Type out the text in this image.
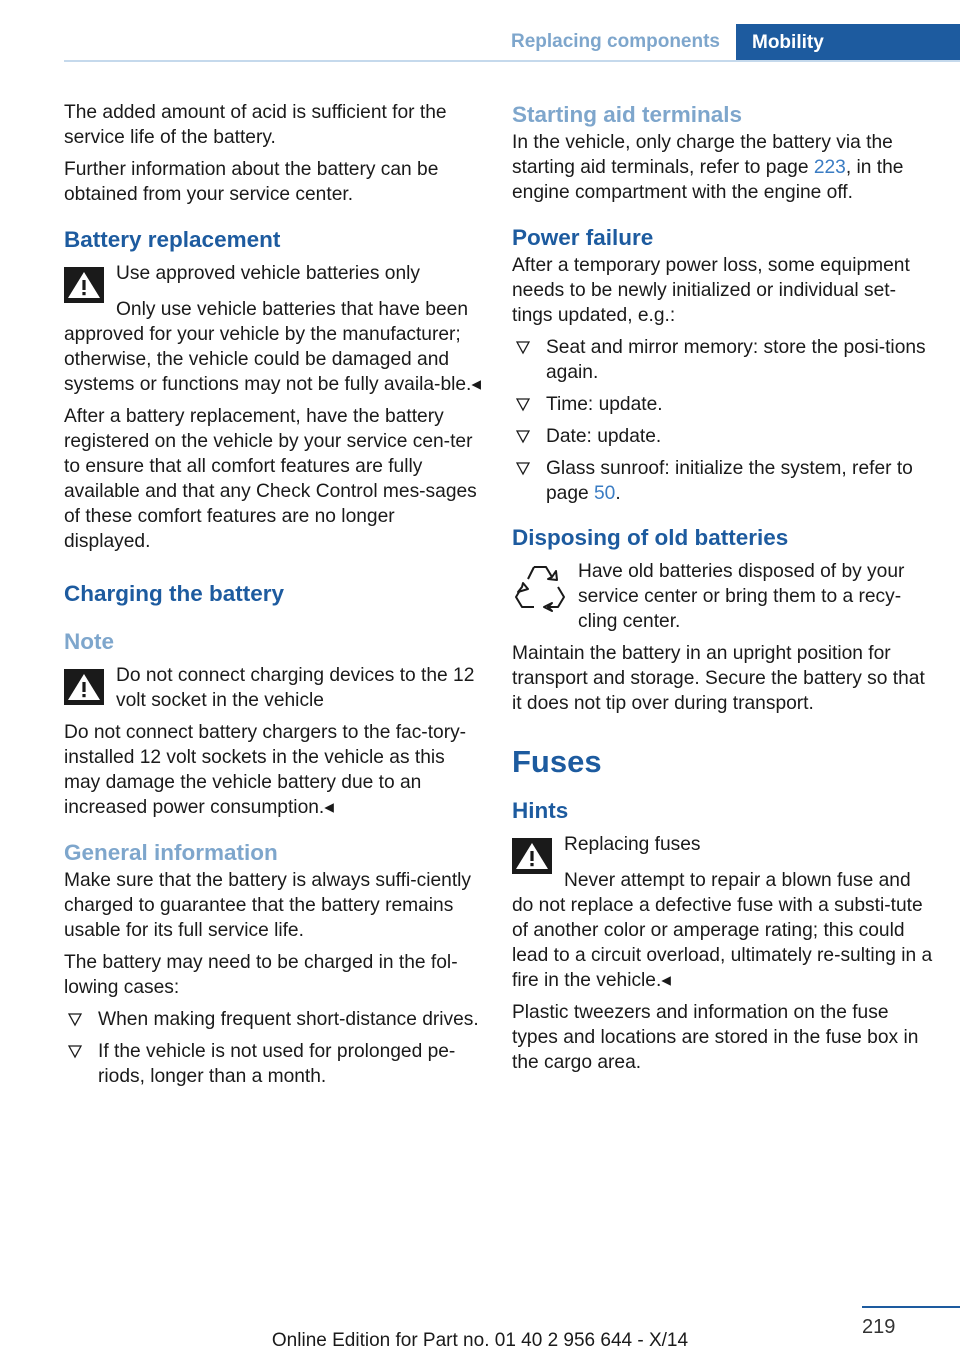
Replacing components	Mobility

The added amount of acid is sufficient for the service life of the battery.

Further information about the battery can be obtained from your service center.

Battery replacement
Use approved vehicle batteries only
Only use vehicle batteries that have been approved for your vehicle by the manufacturer; otherwise, the vehicle could be damaged and systems or functions may not be fully availa‐ble.◂

After a battery replacement, have the battery registered on the vehicle by your service cen‐ter to ensure that all comfort features are fully available and that any Check Control mes‐sages of these comfort features are no longer displayed.

Charging the battery
Note
Do not connect charging devices to the 12 volt socket in the vehicle

Do not connect battery chargers to the fac‐tory-installed 12 volt sockets in the vehicle as this may damage the vehicle battery due to an increased power consumption.◂

General information

Make sure that the battery is always suffi‐ciently charged to guarantee that the battery remains usable for its full service life.

The battery may need to be charged in the fol‐lowing cases:

When making frequent short-distance drives.
If the vehicle is not used for prolonged pe‐riods, longer than a month.
Starting aid terminals

In the vehicle, only charge the battery via the starting aid terminals, refer to page 223, in the engine compartment with the engine off.

Power failure

After a temporary power loss, some equipment needs to be newly initialized or individual set‐tings updated, e.g.:

Seat and mirror memory: store the posi‐tions again.
Time: update.
Date: update.
Glass sunroof: initialize the system, refer to page 50.
Disposing of old batteries
Have old batteries disposed of by your service center or bring them to a recy‐cling center.

Maintain the battery in an upright position for transport and storage. Secure the battery so that it does not tip over during transport.

Fuses
Hints
Replacing fuses
Never attempt to repair a blown fuse and do not replace a defective fuse with a substi‐tute of another color or amperage rating; this could lead to a circuit overload, ultimately re‐sulting in a fire in the vehicle.◂

Plastic tweezers and information on the fuse types and locations are stored in the fuse box in the cargo area.

219
Online Edition for Part no. 01 40 2 956 644 - X/14
